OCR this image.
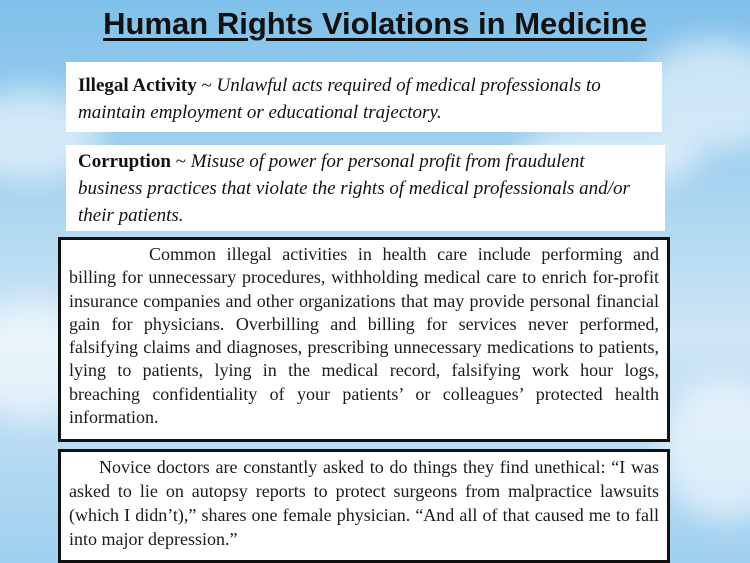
Human Rights Violations in Medicine
Illegal Activity ~ Unlawful acts required of medical professionals to maintain employment or educational trajectory.
Corruption ~ Misuse of power for personal profit from fraudulent business practices that violate the rights of medical professionals and/or their patients.
Common illegal activities in health care include performing and billing for unnecessary procedures, withholding medical care to enrich for-profit insurance companies and other organizations that may provide personal financial gain for physicians. Overbilling and billing for services never performed, falsifying claims and diagnoses, prescribing unnecessary medications to patients, lying to patients, lying in the medical record, falsifying work hour logs, breaching confidentiality of your patients’ or colleagues’ protected health information.
Novice doctors are constantly asked to do things they find unethical: “I was asked to lie on autopsy reports to protect surgeons from malpractice lawsuits (which I didn’t),” shares one female physician. “And all of that caused me to fall into major depression.”
